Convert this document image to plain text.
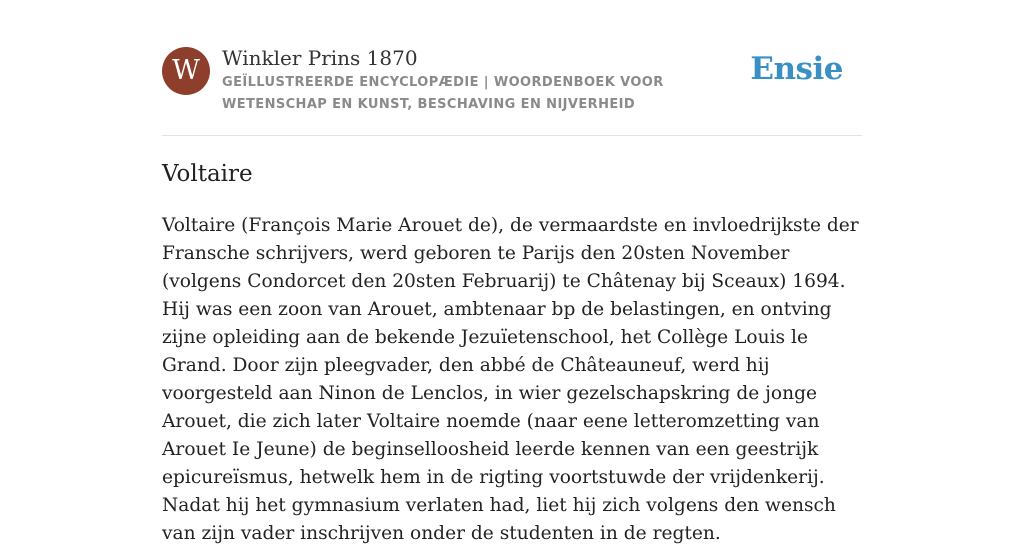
W	Winkler Prins 1870
GEÏLLUSTREERDE ENCYCLOPÆDIE | WOORDENBOEK VOOR WETENSCHAP EN KUNST, BESCHAVING EN NIJVERHEID
Ensie
Voltaire

Voltaire (François Marie Arouet de), de vermaardste en invloedrijkste der Fransche schrijvers, werd geboren te Parijs den 20sten November (volgens Condorcet den 20sten Februarij) te Châtenay bij Sceaux) 1694. Hij was een zoon van Arouet, ambtenaar bp de belastingen, en ontving zijne opleiding aan de bekende Jezuïetenschool, het Collège Louis le Grand. Door zijn pleegvader, den abbé de Châteauneuf, werd hij voorgesteld aan Ninon de Lenclos, in wier gezelschapskring de jonge Arouet, die zich later Voltaire noemde (naar eene letteromzetting van Arouet Ie Jeune) de beginselloosheid leerde kennen van een geestrijk epicureïsmus, hetwelk hem in de rigting voortstuwde der vrijdenkerij. Nadat hij het gymnasium verlaten had, liet hij zich volgens den wensch van zijn vader inschrijven onder de studenten in de regten.
